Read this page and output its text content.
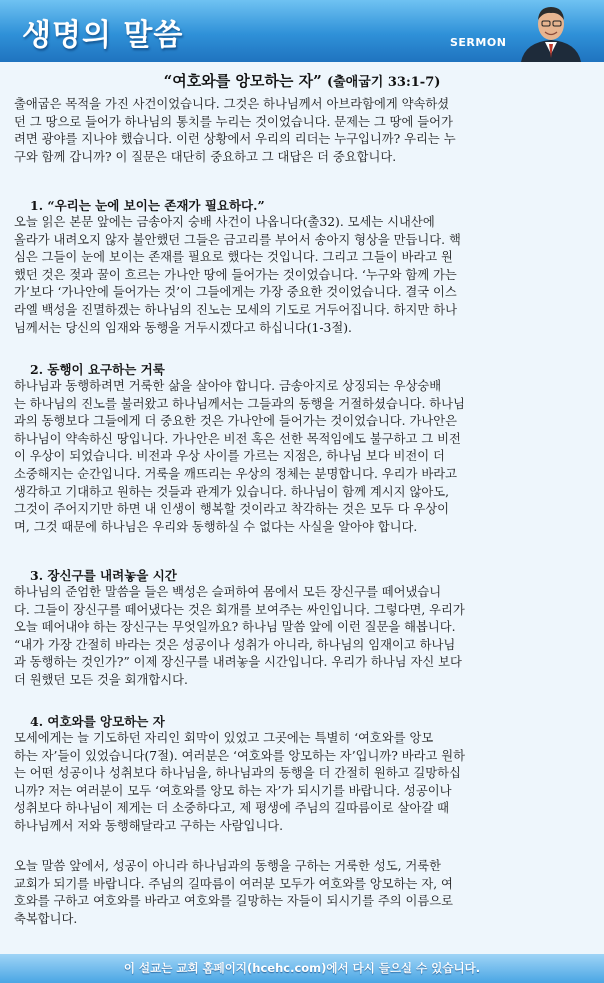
생명의 말씀	SERMON
“여호와를 앙모하는 자” (출애굽기 33:1-7)
출애굽은 목적을 가진 사건이었습니다. 그것은 하나님께서 아브라함에게 약속하셨
던 그 땅으로 들어가 하나님의 통치를 누리는 것이었습니다. 문제는 그 땅에 들어가
려면 광야를 지나야 했습니다. 이런 상황에서 우리의 리더는 누구입니까? 우리는 누
구와 함께 갑니까? 이 질문은 대단히 중요하고 그 대답은 더 중요합니다.
1. “우리는 눈에 보이는 존재가 필요하다.”
오늘 읽은 본문 앞에는 금송아지 숭배 사건이 나옵니다(출32). 모세는 시내산에
올라가 내려오지 않자 불안했던 그들은 금고리를 부어서 송아지 형상을 만듭니다. 핵
심은 그들이 눈에 보이는 존재를 필요로 했다는 것입니다. 그리고 그들이 바라고 원
했던 것은 젖과 꿀이 흐르는 가나안 땅에 들어가는 것이었습니다. ‘누구와 함께 가는
가’보다 ‘가나안에 들어가는 것’이 그들에게는 가장 중요한 것이었습니다. 결국 이스
라엘 백성을 진멸하겠는 하나님의 진노는 모세의 기도로 거두어집니다. 하지만 하나
님께서는 당신의 임재와 동행을 거두시겠다고 하십니다(1-3절).
2. 동행이 요구하는 거룩
하나님과 동행하려면 거룩한 삶을 살아야 합니다. 금송아지로 상징되는 우상숭배
는 하나님의 진노를 불러왔고 하나님께서는 그들과의 동행을 거절하셨습니다. 하나님
과의 동행보다 그들에게 더 중요한 것은 가나안에 들어가는 것이었습니다. 가나안은
하나님이 약속하신 땅입니다. 가나안은 비전 혹은 선한 목적임에도 불구하고 그 비전
이 우상이 되었습니다. 비전과 우상 사이를 가르는 지점은, 하나님 보다 비전이 더
소중해지는 순간입니다. 거룩을 깨뜨리는 우상의 정체는 분명합니다. 우리가 바라고
생각하고 기대하고 원하는 것들과 관계가 있습니다. 하나님이 함께 계시지 않아도,
그것이 주어지기만 하면 내 인생이 행복할 것이라고 착각하는 것은 모두 다 우상이
며, 그것 때문에 하나님은 우리와 동행하실 수 없다는 사실을 알아야 합니다.
3. 장신구를 내려놓을 시간
하나님의 준엄한 말씀을 들은 백성은 슬퍼하여 몸에서 모든 장신구를 떼어냈습니
다. 그들이 장신구를 떼어냈다는 것은 회개를 보여주는 싸인입니다. 그렇다면, 우리가
오늘 떼어내야 하는 장신구는 무엇일까요? 하나님 말씀 앞에 이런 질문을 해봅니다.
“내가 가장 간절히 바라는 것은 성공이나 성취가 아니라, 하나님의 임재이고 하나님
과 동행하는 것인가?” 이제 장신구를 내려놓을 시간입니다. 우리가 하나님 자신 보다
더 원했던 모든 것을 회개합시다.
4. 여호와를 앙모하는 자
모세에게는 늘 기도하던 자리인 회막이 있었고 그곳에는 특별히 ‘여호와를 앙모
하는 자’들이 있었습니다(7절). 여러분은 ‘여호와를 앙모하는 자’입니까? 바라고 원하
는 어떤 성공이나 성취보다 하나님을, 하나님과의 동행을 더 간절히 원하고 길망하십
니까? 저는 여러분이 모두 ‘여호와를 앙모 하는 자’가 되시기를 바랍니다. 성공이나
성취보다 하나님이 제게는 더 소중하다고, 제 평생에 주님의 길따름이로 살아갈 때
하나님께서 저와 동행해달라고 구하는 사람입니다.
오늘 말씀 앞에서, 성공이 아니라 하나님과의 동행을 구하는 거룩한 성도, 거룩한
교회가 되기를 바랍니다. 주님의 길따름이 여러분 모두가 여호와를 앙모하는 자, 여
호와를 구하고 여호와를 바라고 여호와를 길망하는 자들이 되시기를 주의 이름으로
축복합니다.
이 설교는 교회 홈페이지(hcehc.com)에서 다시 들으실 수 있습니다.
